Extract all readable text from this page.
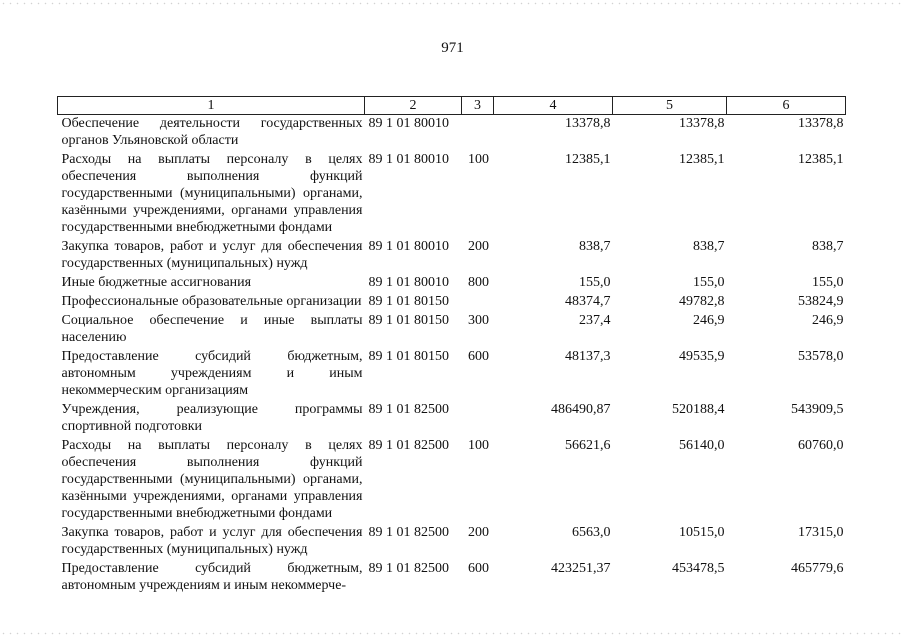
971
1	2	3	4	5	6
Обеспечение деятельности государственных органов Ульяновской области	89 1 01 80010		13378,8	13378,8	13378,8
Расходы на выплаты персоналу в целях обеспечения выполнения функций государственными (муниципальными) органами, казёнными учреждениями, органами управления государственными внебюджетными фондами	89 1 01 80010	100	12385,1	12385,1	12385,1
Закупка товаров, работ и услуг для обеспечения государственных (муниципальных) нужд	89 1 01 80010	200	838,7	838,7	838,7
Иные бюджетные ассигнования	89 1 01 80010	800	155,0	155,0	155,0
Профессиональные образовательные организации	89 1 01 80150		48374,7	49782,8	53824,9
Социальное обеспечение и иные выплаты населению	89 1 01 80150	300	237,4	246,9	246,9
Предоставление субсидий бюджетным, автономным учреждениям и иным некоммерческим организациям	89 1 01 80150	600	48137,3	49535,9	53578,0
Учреждения, реализующие программы спортивной подготовки	89 1 01 82500		486490,87	520188,4	543909,5
Расходы на выплаты персоналу в целях обеспечения выполнения функций государственными (муниципальными) органами, казёнными учреждениями, органами управления государственными внебюджетными фондами	89 1 01 82500	100	56621,6	56140,0	60760,0
Закупка товаров, работ и услуг для обеспечения государственных (муниципальных) нужд	89 1 01 82500	200	6563,0	10515,0	17315,0
Предоставление субсидий бюджетным, автономным учреждениям и иным некоммерче-	89 1 01 82500	600	423251,37	453478,5	465779,6
